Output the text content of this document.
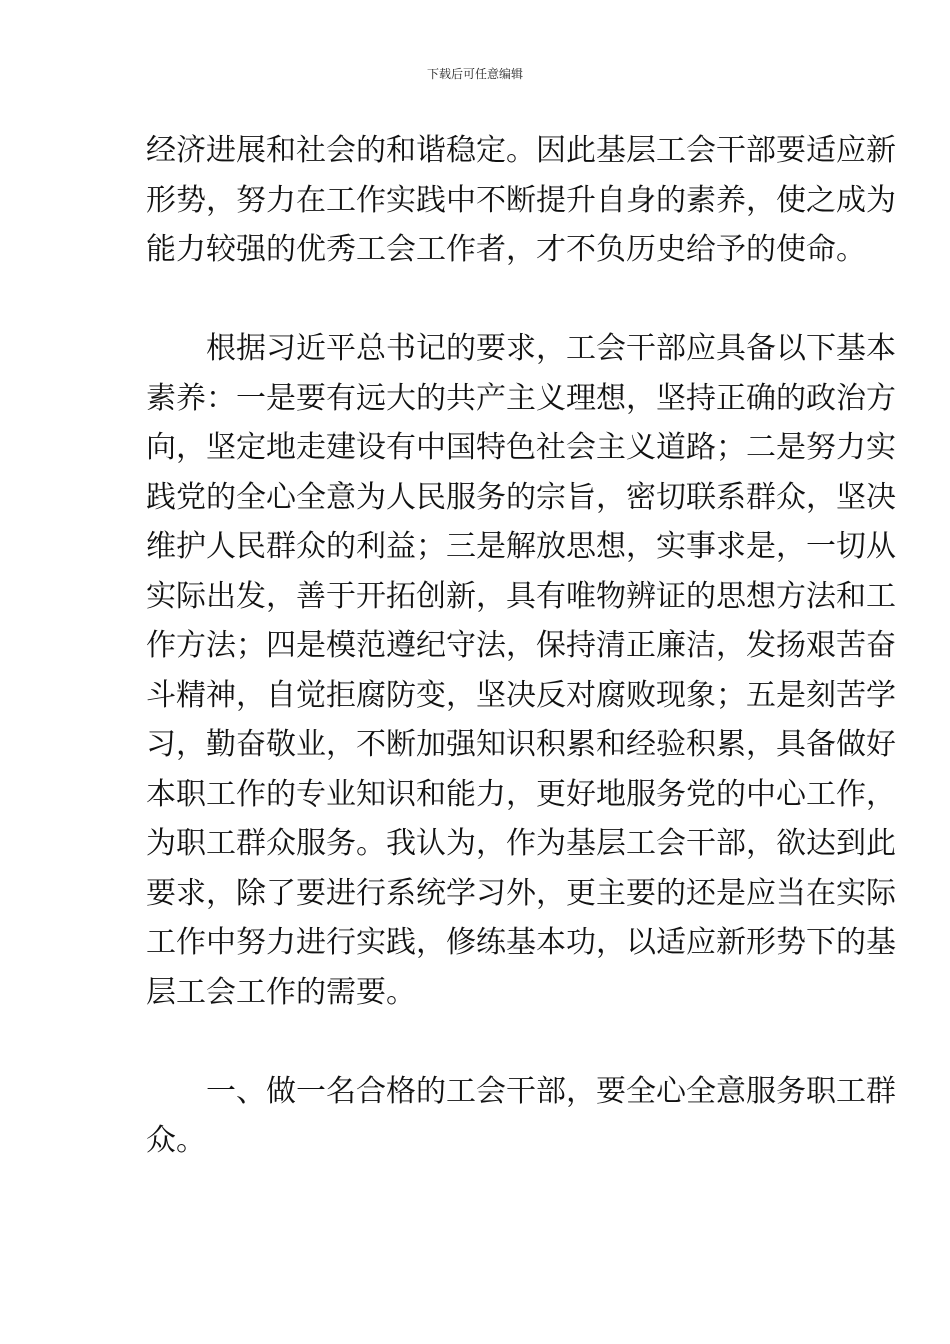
下载后可任意编辑
经济进展和社会的和谐稳定。因此基层工会干部要适应新
形势，努力在工作实践中不断提升自身的素养，使之成为
能力较强的优秀工会工作者，才不负历史给予的使命。
　　根据习近平总书记的要求，工会干部应具备以下基本
素养：一是要有远大的共产主义理想，坚持正确的政治方
向，坚定地走建设有中国特色社会主义道路；二是努力实
践党的全心全意为人民服务的宗旨，密切联系群众，坚决
维护人民群众的利益；三是解放思想，实事求是，一切从
实际出发，善于开拓创新，具有唯物辨证的思想方法和工
作方法；四是模范遵纪守法，保持清正廉洁，发扬艰苦奋
斗精神，自觉拒腐防变，坚决反对腐败现象；五是刻苦学
习，勤奋敬业，不断加强知识积累和经验积累，具备做好
本职工作的专业知识和能力，更好地服务党的中心工作，
为职工群众服务。我认为，作为基层工会干部，欲达到此
要求，除了要进行系统学习外，更主要的还是应当在实际
工作中努力进行实践，修练基本功，以适应新形势下的基
层工会工作的需要。
　　一、做一名合格的工会干部，要全心全意服务职工群
众。
